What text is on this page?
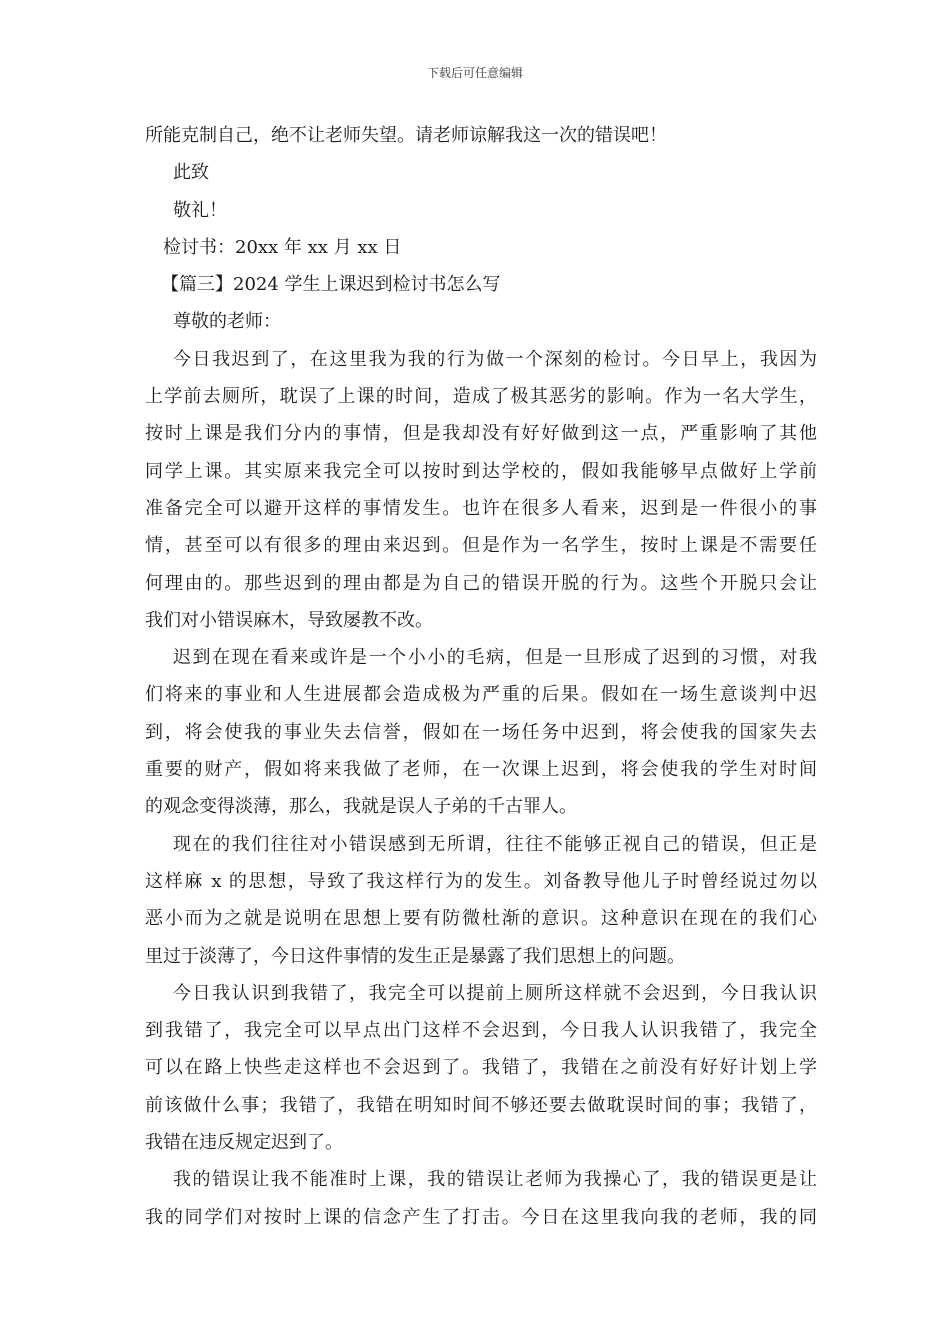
下载后可任意编辑
所能克制自己，绝不让老师失望。请老师谅解我这一次的错误吧！
此致
敬礼！
检讨书：20xx 年 xx 月 xx 日
【篇三】2024 学生上课迟到检讨书怎么写
尊敬的老师：
今日我迟到了，在这里我为我的行为做一个深刻的检讨。今日早上，我因为
上学前去厕所，耽误了上课的时间，造成了极其恶劣的影响。作为一名大学生，
按时上课是我们分内的事情，但是我却没有好好做到这一点，严重影响了其他
同学上课。其实原来我完全可以按时到达学校的，假如我能够早点做好上学前
准备完全可以避开这样的事情发生。也许在很多人看来，迟到是一件很小的事
情，甚至可以有很多的理由来迟到。但是作为一名学生，按时上课是不需要任
何理由的。那些迟到的理由都是为自己的错误开脱的行为。这些个开脱只会让
我们对小错误麻木，导致屡教不改。
迟到在现在看来或许是一个小小的毛病，但是一旦形成了迟到的习惯，对我
们将来的事业和人生进展都会造成极为严重的后果。假如在一场生意谈判中迟
到，将会使我的事业失去信誉，假如在一场任务中迟到，将会使我的国家失去
重要的财产，假如将来我做了老师，在一次课上迟到，将会使我的学生对时间
的观念变得淡薄，那么，我就是误人子弟的千古罪人。
现在的我们往往对小错误感到无所谓，往往不能够正视自己的错误，但正是
这样麻 x 的思想，导致了我这样行为的发生。刘备教导他儿子时曾经说过勿以
恶小而为之就是说明在思想上要有防微杜渐的意识。这种意识在现在的我们心
里过于淡薄了，今日这件事情的发生正是暴露了我们思想上的问题。
今日我认识到我错了，我完全可以提前上厕所这样就不会迟到，今日我认识
到我错了，我完全可以早点出门这样不会迟到，今日我人认识我错了，我完全
可以在路上快些走这样也不会迟到了。我错了，我错在之前没有好好计划上学
前该做什么事；我错了，我错在明知时间不够还要去做耽误时间的事；我错了，
我错在违反规定迟到了。
我的错误让我不能准时上课，我的错误让老师为我操心了，我的错误更是让
我的同学们对按时上课的信念产生了打击。今日在这里我向我的老师，我的同
